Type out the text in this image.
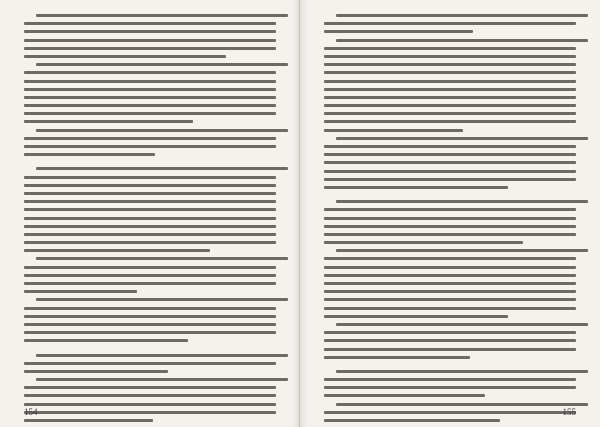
154	155
